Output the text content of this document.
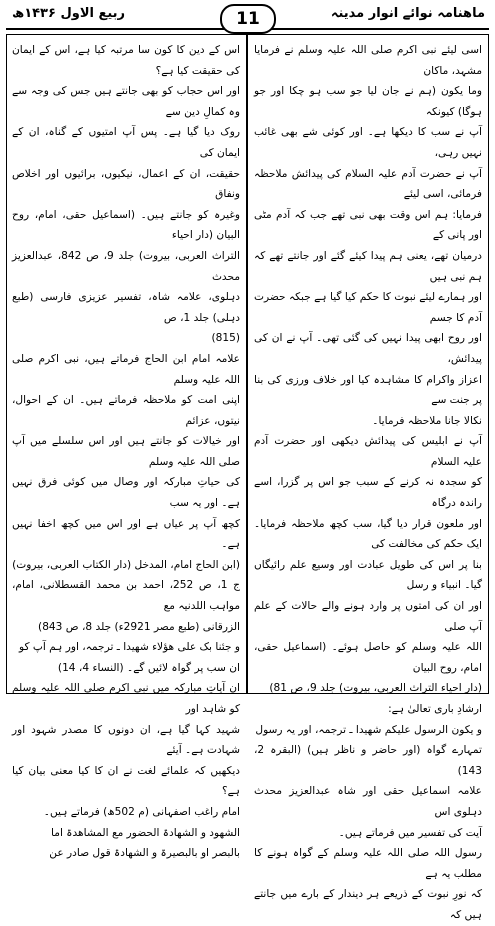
ماهنامہ نوائے انوار مدینہ
11
ربیع الاول ۱۴۳۶ھ

اسی لیئے نبی اکرم صلی اللہ علیہ وسلم نے فرمایا مشہد، ماکان

وما یکون (ہم نے جان لیا جو سب ہو چکا اور جو ہوگا) کیونکہ

آپ نے سب کا دیکھا ہے۔ اور کوئی شے بھی غائب نہیں رہی،

آپ نے حضرت آدم علیہ السلام کی پیدائش ملاحظہ فرمائی، اسی لیئے

فرمایا: ہم اس وقت بھی نبی تھے جب کہ آدم مٹی اور پانی کے

درمیان تھے، یعنی ہم پیدا کیئے گئے اور جانتے تھے کہ ہم نبی ہیں

اور ہمارے لیئے نبوت کا حکم کیا گیا ہے جبکہ حضرت آدم کا جسم

اور روح ابھی پیدا نہیں کی گئی تھی۔ آپ نے ان کی پیدائش،

اعزاز واکرام کا مشاہدہ کیا اور خلاف ورزی کی بنا پر جنت سے

نکالا جانا ملاحظہ فرمایا۔

آپ نے ابلیس کی پیدائش دیکھی اور حضرت آدم علیہ السلام

کو سجدہ نہ کرنے کے سبب جو اس پر گزرا، اسے راندہ درگاہ

اور ملعون قرار دیا گیا، سب کچھ ملاحظہ فرمایا۔ ایک حکم کی مخالفت کی

بنا پر اس کی طویل عبادت اور وسیع علم رائیگاں گیا۔ انبیاء و رسل

اور ان کی امتوں پر وارد ہونے والے حالات کے علم آپ صلی

اللہ علیہ وسلم کو حاصل ہوئے۔ (اسماعیل حقی، امام، روح البیان

(دار احیاء التراث العربی، بیروت) جلد 9، ص 81)

ارشادِ باری تعالیٰ ہے:

و یکون الرسول علیکم شھیدا ـ ترجمہ، اور یہ رسول

تمہارے گواہ (اور حاضر و ناظر ہیں) (البقرہ 2، 143)

علامہ اسماعیل حقی اور شاہ عبدالعزیز محدث دہلوی اس

آیت کی تفسیر میں فرماتے ہیں۔

رسول اللہ صلی اللہ علیہ وسلم کے گواہ ہونے کا مطلب یہ ہے

کہ نورِ نبوت کے ذریعے ہر دیندار کے بارے میں جانتے ہیں کہ

اس کے دین کا کون سا مرتبہ کیا ہے، اس کے ایمان کی حقیقت کیا ہے؟

اور اس حجاب کو بھی جانتے ہیں جس کی وجہ سے وہ کمالِ دین سے

روک دیا گیا ہے۔ پس آپ امتیوں کے گناہ، ان کے ایمان کی

حقیقت، ان کے اعمال، نیکیوں، برائیوں اور اخلاص ونفاق

وغیرہ کو جانتے ہیں۔ (اسماعیل حقی، امام، روح البیان (دار احیاء

التراث العربی، بیروت) جلد 9، ص 842، عبدالعزیز محدث

دہلوی، علامہ شاہ، تفسیر عزیزی فارسی (طبع دہلی) جلد 1، ص

(815)

علامہ امام ابن الحاج فرماتے ہیں، نبی اکرم صلی اللہ علیہ وسلم

اپنی امت کو ملاحظہ فرماتے ہیں۔ ان کے احوال، نیتوں، عزائم

اور خیالات کو جانتے ہیں اور اس سلسلے میں آپ صلی اللہ علیہ وسلم

کی حیاتِ مبارکہ اور وصال میں کوئی فرق نہیں ہے۔ اور یہ سب

کچھ آپ پر عیاں ہے اور اس میں کچھ اخفا نہیں ہے۔

(ابن الحاج امام، المدخل (دار الکتاب العربی، بیروت)

ج 1، ص 252، احمد بن محمد القسطلانی، امام، مواہب اللدنیہ مع

الزرقانی (طبع مصر 2921ء) جلد 8، ص 843)

و جئنا بک علی ھؤلاء شھیدا ـ ترجمہ، اور ہم آپ کو

ان سب پر گواہ لائیں گے۔ (النساء 4، 14)

ان آیاتِ مبارکہ میں نبی اکرم صلی اللہ علیہ وسلم کو شاہد اور

شہید کہا گیا ہے، ان دونوں کا مصدر شہود اور شہادت ہے۔ آیئے

دیکھیں کہ علمائے لغت نے ان کا کیا معنی بیان کیا ہے؟

امام راغب اصفہانی (م 502ھ) فرماتے ہیں۔

الشھود و الشھادۃ الحضور مع المشاھدۃ اما

بالبصر او بالبصیرۃ و الشھادۃ قول صادر عن
